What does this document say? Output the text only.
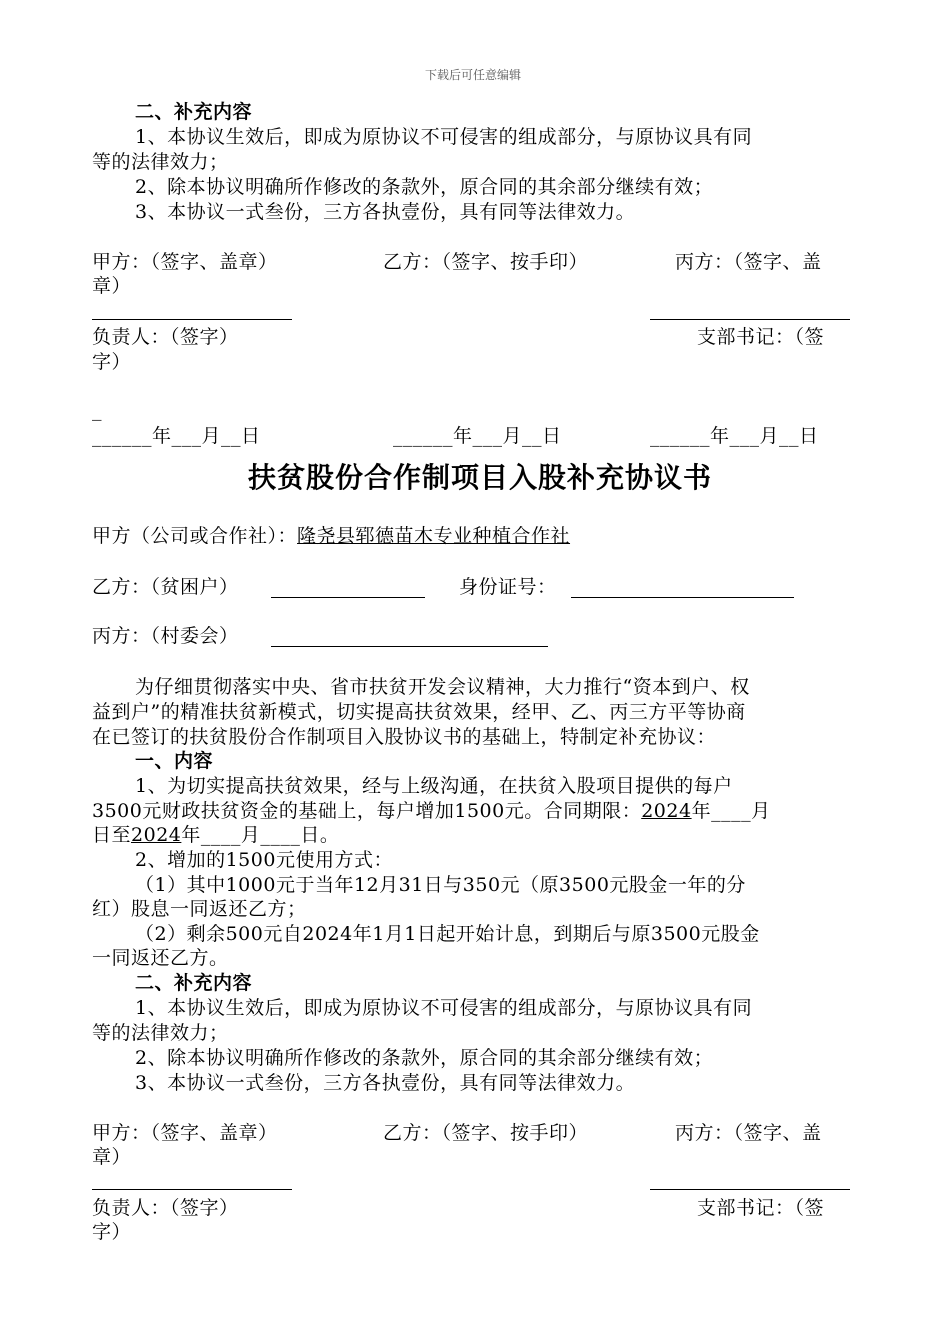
下载后可任意编辑
二、补充内容
1、本协议生效后，即成为原协议不可侵害的组成部分，与原协议具有同
等的法律效力；
2、除本协议明确所作修改的条款外，原合同的其余部分继续有效；
3、本协议一式叁份，三方各执壹份，具有同等法律效力。
甲方：（签字、盖章）	乙方：（签字、按手印）	丙方：（签字、盖
章）
负责人：（签字）	支部书记：（签
字）
_
______年___月__日	______年___月__日	______年___月__日
扶贫股份合作制项目入股补充协议书
甲方（公司或合作社）：隆尧县郓德苗木专业种植合作社
乙方：（贫困户）	身份证号：
丙方：（村委会）
为仔细贯彻落实中央、省市扶贫开发会议精神，大力推行“资本到户、权
益到户”的精准扶贫新模式，切实提高扶贫效果，经甲、乙、丙三方平等协商
在已签订的扶贫股份合作制项目入股协议书的基础上，特制定补充协议：
一、内容
1、为切实提高扶贫效果，经与上级沟通，在扶贫入股项目提供的每户
3500元财政扶贫资金的基础上，每户增加1500元。合同期限：2024年____月
日至2024年____月____日。
2、增加的1500元使用方式：
（1）其中1000元于当年12月31日与350元（原3500元股金一年的分
红）股息一同返还乙方；
（2）剩余500元自2024年1月1日起开始计息，到期后与原3500元股金
一同返还乙方。
二、补充内容
1、本协议生效后，即成为原协议不可侵害的组成部分，与原协议具有同
等的法律效力；
2、除本协议明确所作修改的条款外，原合同的其余部分继续有效；
3、本协议一式叁份，三方各执壹份，具有同等法律效力。
甲方：（签字、盖章）	乙方：（签字、按手印）	丙方：（签字、盖
章）
负责人：（签字）	支部书记：（签
字）
